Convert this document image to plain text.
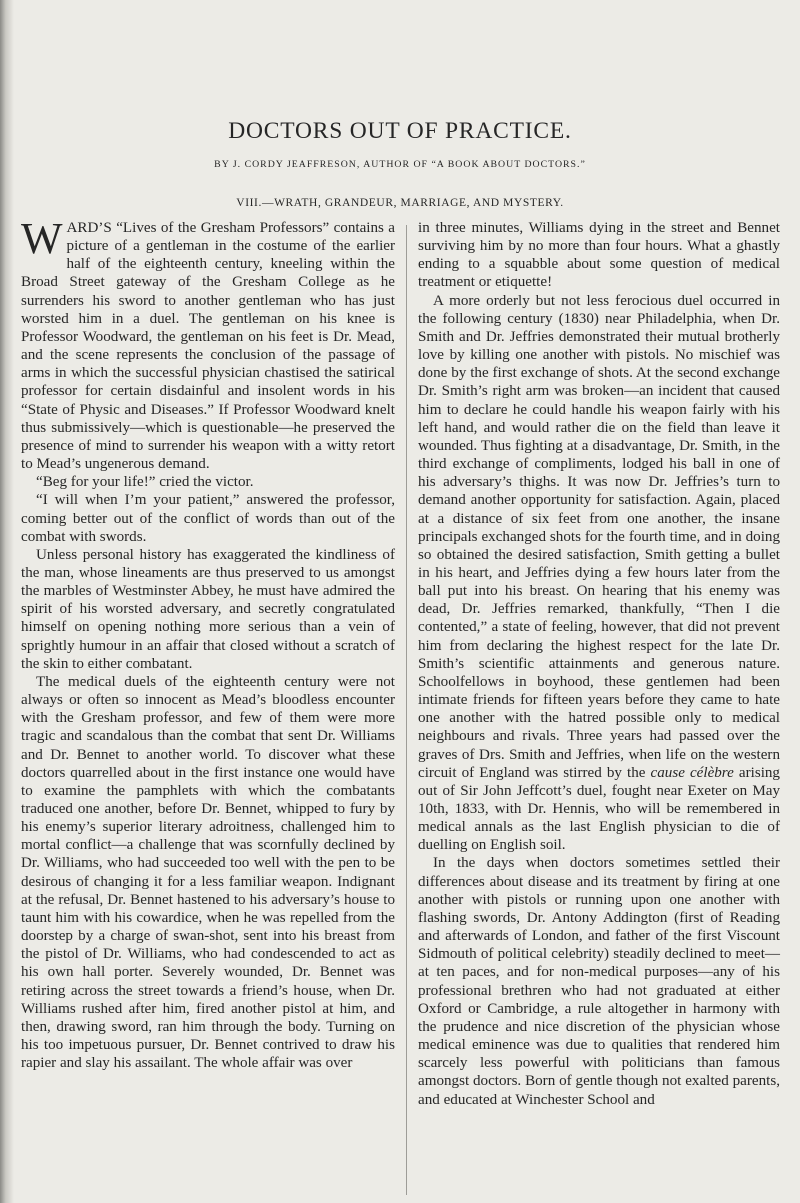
DOCTORS OUT OF PRACTICE.

BY J. CORDY JEAFFRESON, AUTHOR OF “A BOOK ABOUT DOCTORS.”

VIII.—WRATH, GRANDEUR, MARRIAGE, AND MYSTERY.

WARD’S “Lives of the Gresham Professors” contains a picture of a gentleman in the costume of the earlier half of the eighteenth century, kneeling within the Broad Street gateway of the Gresham College as he surrenders his sword to another gentleman who has just worsted him in a duel. The gentleman on his knee is Professor Woodward, the gentleman on his feet is Dr. Mead, and the scene represents the conclusion of the passage of arms in which the successful physician chastised the satirical professor for certain disdainful and insolent words in his “State of Physic and Diseases.” If Professor Woodward knelt thus submissively—which is questionable—he preserved the presence of mind to surrender his weapon with a witty retort to Mead’s ungenerous demand.

“Beg for your life!” cried the victor.

“I will when I’m your patient,” answered the professor, coming better out of the conflict of words than out of the combat with swords.

Unless personal history has exaggerated the kindliness of the man, whose lineaments are thus preserved to us amongst the marbles of Westminster Abbey, he must have admired the spirit of his worsted adversary, and secretly congratulated himself on opening nothing more serious than a vein of sprightly humour in an affair that closed without a scratch of the skin to either combatant.

The medical duels of the eighteenth century were not always or often so innocent as Mead’s bloodless encounter with the Gresham professor, and few of them were more tragic and scandalous than the combat that sent Dr. Williams and Dr. Bennet to another world. To discover what these doctors quarrelled about in the first instance one would have to examine the pamphlets with which the combatants traduced one another, before Dr. Bennet, whipped to fury by his enemy’s superior literary adroitness, challenged him to mortal conflict—a challenge that was scornfully declined by Dr. Williams, who had succeeded too well with the pen to be desirous of changing it for a less familiar weapon. Indignant at the refusal, Dr. Bennet hastened to his adversary’s house to taunt him with his cowardice, when he was repelled from the doorstep by a charge of swan-shot, sent into his breast from the pistol of Dr. Williams, who had condescended to act as his own hall porter. Severely wounded, Dr. Bennet was retiring across the street towards a friend’s house, when Dr. Williams rushed after him, fired another pistol at him, and then, drawing sword, ran him through the body. Turning on his too impetuous pursuer, Dr. Bennet contrived to draw his rapier and slay his assailant. The whole affair was over

in three minutes, Williams dying in the street and Bennet surviving him by no more than four hours. What a ghastly ending to a squabble about some question of medical treatment or etiquette!

A more orderly but not less ferocious duel occurred in the following century (1830) near Philadelphia, when Dr. Smith and Dr. Jeffries demonstrated their mutual brotherly love by killing one another with pistols. No mischief was done by the first exchange of shots. At the second exchange Dr. Smith’s right arm was broken—an incident that caused him to declare he could handle his weapon fairly with his left hand, and would rather die on the field than leave it wounded. Thus fighting at a disadvantage, Dr. Smith, in the third exchange of compliments, lodged his ball in one of his adversary’s thighs. It was now Dr. Jeffries’s turn to demand another opportunity for satisfaction. Again, placed at a distance of six feet from one another, the insane principals exchanged shots for the fourth time, and in doing so obtained the desired satisfaction, Smith getting a bullet in his heart, and Jeffries dying a few hours later from the ball put into his breast. On hearing that his enemy was dead, Dr. Jeffries remarked, thankfully, “Then I die contented,” a state of feeling, however, that did not prevent him from declaring the highest respect for the late Dr. Smith’s scientific attainments and generous nature. Schoolfellows in boyhood, these gentlemen had been intimate friends for fifteen years before they came to hate one another with the hatred possible only to medical neighbours and rivals. Three years had passed over the graves of Drs. Smith and Jeffries, when life on the western circuit of England was stirred by the cause célèbre arising out of Sir John Jeffcott’s duel, fought near Exeter on May 10th, 1833, with Dr. Hennis, who will be remembered in medical annals as the last English physician to die of duelling on English soil.

In the days when doctors sometimes settled their differences about disease and its treatment by firing at one another with pistols or running upon one another with flashing swords, Dr. Antony Addington (first of Reading and afterwards of London, and father of the first Viscount Sidmouth of political celebrity) steadily declined to meet—at ten paces, and for non-medical purposes—any of his professional brethren who had not graduated at either Oxford or Cambridge, a rule altogether in harmony with the prudence and nice discretion of the physician whose medical eminence was due to qualities that rendered him scarcely less powerful with politicians than famous amongst doctors. Born of gentle though not exalted parents, and educated at Winchester School and
